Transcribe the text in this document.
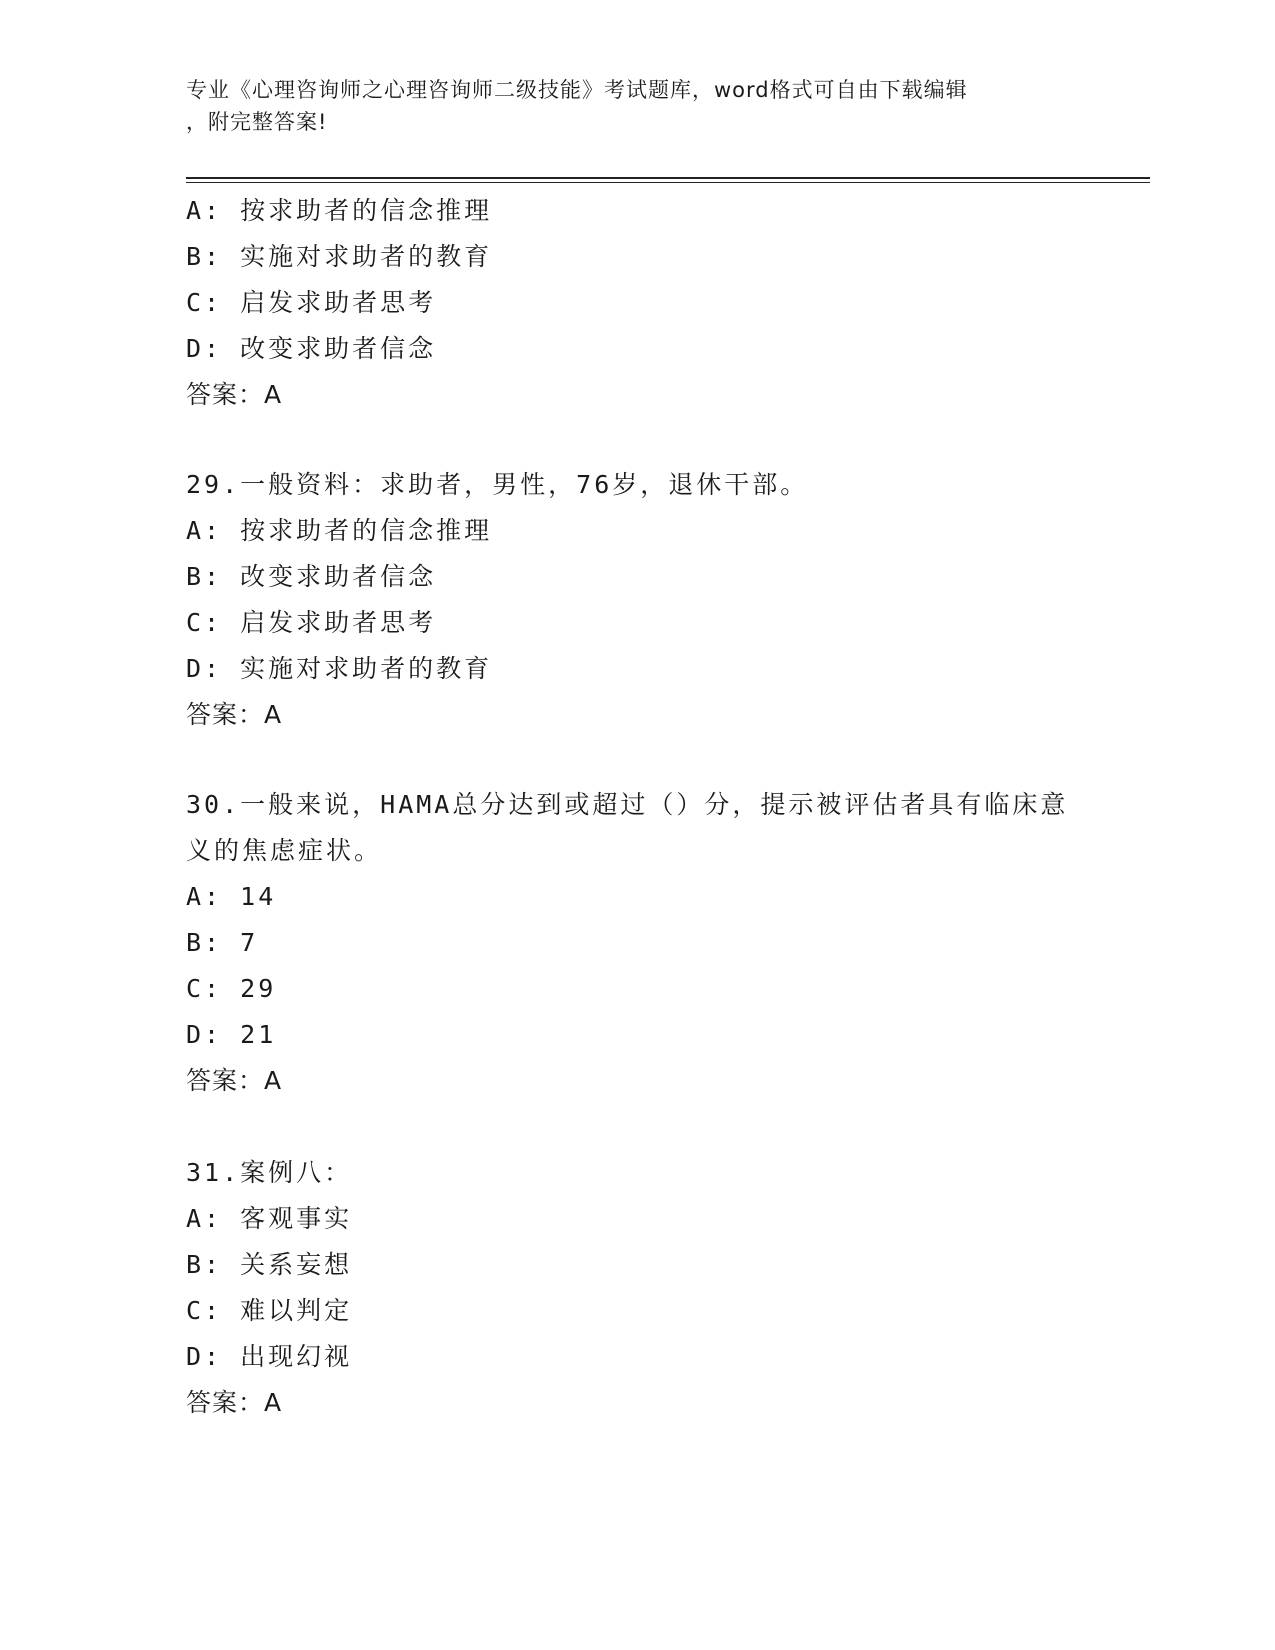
专业《心理咨询师之心理咨询师二级技能》考试题库，word格式可自由下载编辑
，附完整答案!
A: 按求助者的信念推理
B: 实施对求助者的教育
C: 启发求助者思考
D: 改变求助者信念
答案：A
29.一般资料：求助者，男性，76岁，退休干部。
A: 按求助者的信念推理
B: 改变求助者信念
C: 启发求助者思考
D: 实施对求助者的教育
答案：A
30.一般来说，HAMA总分达到或超过（）分，提示被评估者具有临床意
义的焦虑症状。
A: 14
B: 7
C: 29
D: 21
答案：A
31.案例八：
A: 客观事实
B: 关系妄想
C: 难以判定
D: 出现幻视
答案：A
